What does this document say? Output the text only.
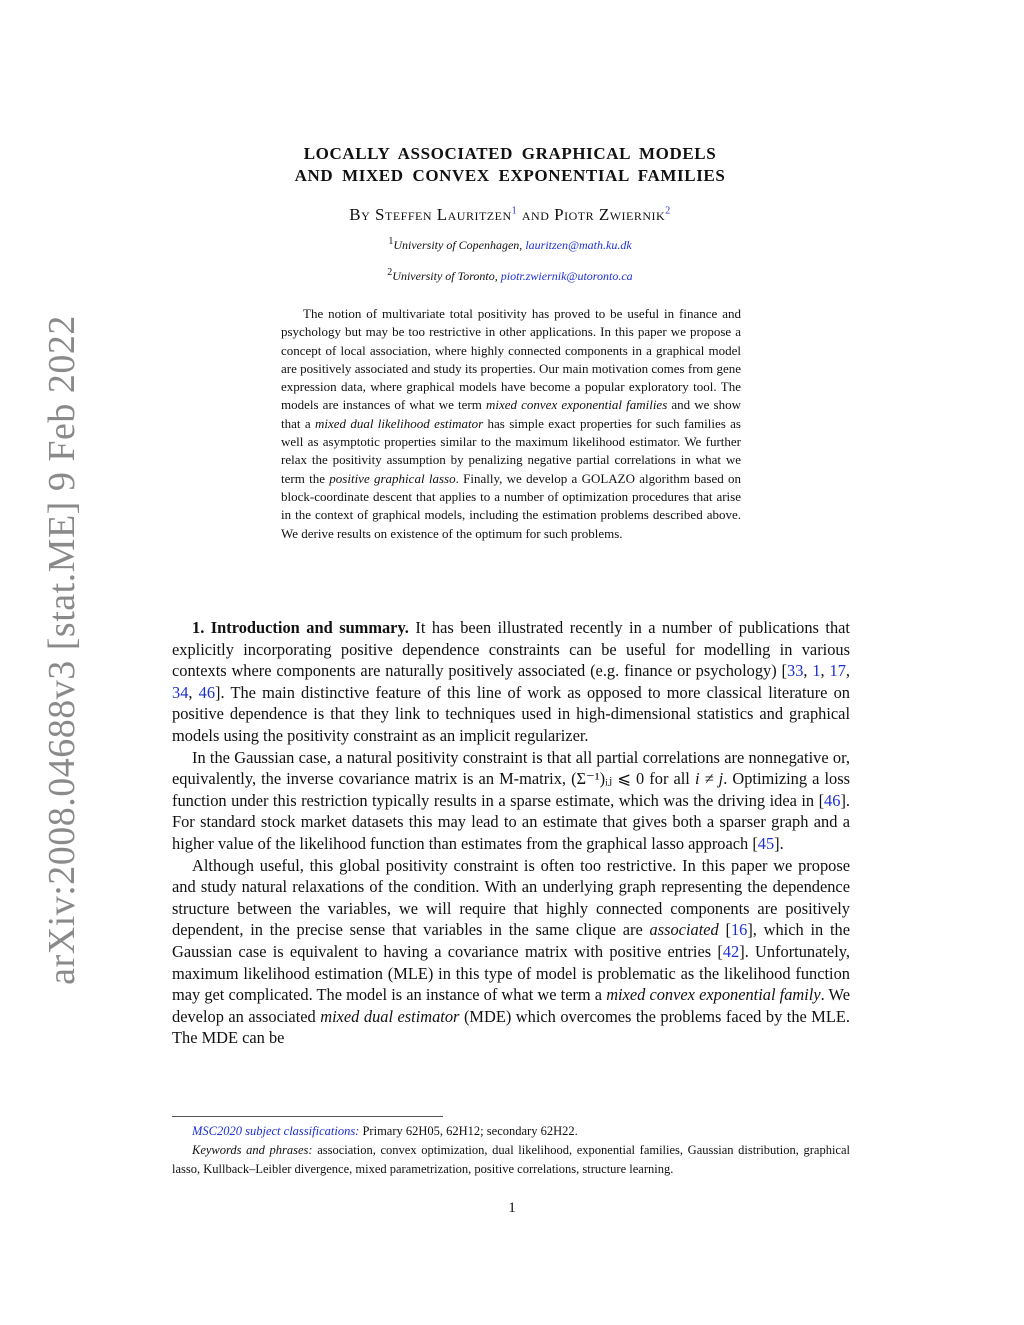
arXiv:2008.04688v3 [stat.ME] 9 Feb 2022
LOCALLY ASSOCIATED GRAPHICAL MODELS
AND MIXED CONVEX EXPONENTIAL FAMILIES
By Steffen Lauritzen$^1$ and Piotr Zwiernik$^2$
$^1$University of Copenhagen, lauritzen@math.ku.dk
$^2$University of Toronto, piotr.zwiernik@utoronto.ca

The notion of multivariate total positivity has proved to be useful in finance and psychology but may be too restrictive in other applications. In this paper we propose a concept of local association, where highly connected components in a graphical model are positively associated and study its properties. Our main motivation comes from gene expression data, where graphical models have become a popular exploratory tool. The models are instances of what we term mixed convex exponential families and we show that a mixed dual likelihood estimator has simple exact properties for such families as well as asymptotic properties similar to the maximum likelihood estimator. We further relax the positivity assumption by penalizing negative partial correlations in what we term the positive graphical lasso. Finally, we develop a GOLAZO algorithm based on block-coordinate descent that applies to a number of optimization procedures that arise in the context of graphical models, including the estimation problems described above. We derive results on existence of the optimum for such problems.

1. Introduction and summary. It has been illustrated recently in a number of publications that explicitly incorporating positive dependence constraints can be useful for modelling in various contexts where components are naturally positively associated (e.g. finance or psychology) [33, 1, 17, 34, 46]. The main distinctive feature of this line of work as opposed to more classical literature on positive dependence is that they link to techniques used in high-dimensional statistics and graphical models using the positivity constraint as an implicit regularizer.

In the Gaussian case, a natural positivity constraint is that all partial correlations are nonnegative or, equivalently, the inverse covariance matrix is an M-matrix, (Σ⁻¹)ᵢⱼ ⩽ 0 for all i ≠ j. Optimizing a loss function under this restriction typically results in a sparse estimate, which was the driving idea in [46]. For standard stock market datasets this may lead to an estimate that gives both a sparser graph and a higher value of the likelihood function than estimates from the graphical lasso approach [45].

Although useful, this global positivity constraint is often too restrictive. In this paper we propose and study natural relaxations of the condition. With an underlying graph representing the dependence structure between the variables, we will require that highly connected components are positively dependent, in the precise sense that variables in the same clique are associated [16], which in the Gaussian case is equivalent to having a covariance matrix with positive entries [42]. Unfortunately, maximum likelihood estimation (MLE) in this type of model is problematic as the likelihood function may get complicated. The model is an instance of what we term a mixed convex exponential family. We develop an associated mixed dual estimator (MDE) which overcomes the problems faced by the MLE. The MDE can be

MSC2020 subject classifications: Primary 62H05, 62H12; secondary 62H22.

Keywords and phrases: association, convex optimization, dual likelihood, exponential families, Gaussian distribution, graphical lasso, Kullback–Leibler divergence, mixed parametrization, positive correlations, structure learning.

1
